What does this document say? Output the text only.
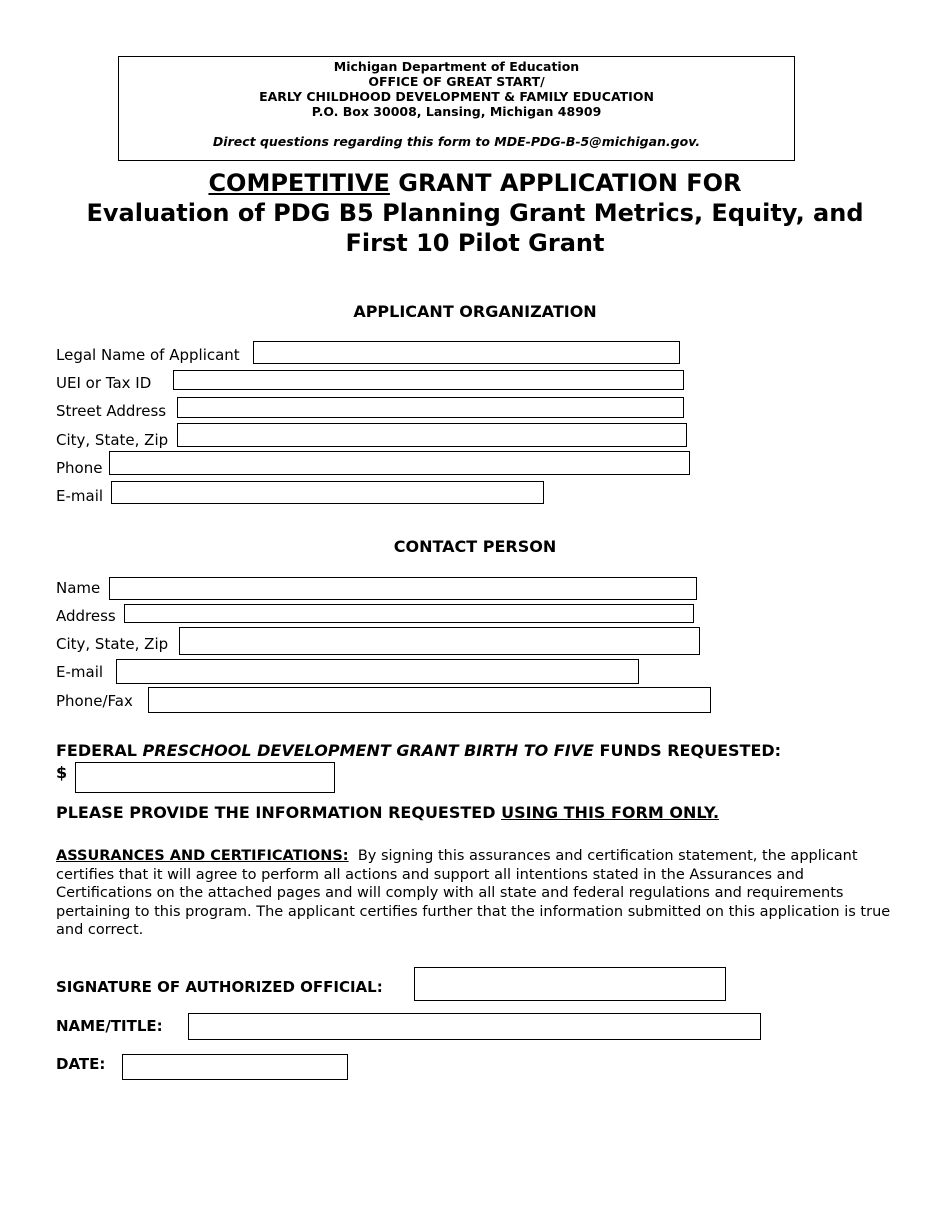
Michigan Department of Education
OFFICE OF GREAT START/
EARLY CHILDHOOD DEVELOPMENT & FAMILY EDUCATION
P.O. Box 30008, Lansing, Michigan 48909
Direct questions regarding this form to MDE-PDG-B-5@michigan.gov.
COMPETITIVE GRANT APPLICATION FOR
Evaluation of PDG B5 Planning Grant Metrics, Equity, and
First 10 Pilot Grant
APPLICANT ORGANIZATION
Legal Name of Applicant
UEI or Tax ID
Street Address
City, State, Zip
Phone
E-mail
CONTACT PERSON
Name
Address
City, State, Zip
E-mail
Phone/Fax
FEDERAL PRESCHOOL DEVELOPMENT GRANT BIRTH TO FIVE FUNDS REQUESTED:
$
PLEASE PROVIDE THE INFORMATION REQUESTED USING THIS FORM ONLY.
ASSURANCES AND CERTIFICATIONS: By signing this assurances and certification statement, the applicant certifies that it will agree to perform all actions and support all intentions stated in the Assurances and Certifications on the attached pages and will comply with all state and federal regulations and requirements pertaining to this program. The applicant certifies further that the information submitted on this application is true and correct.
SIGNATURE OF AUTHORIZED OFFICIAL:
NAME/TITLE:
DATE:
